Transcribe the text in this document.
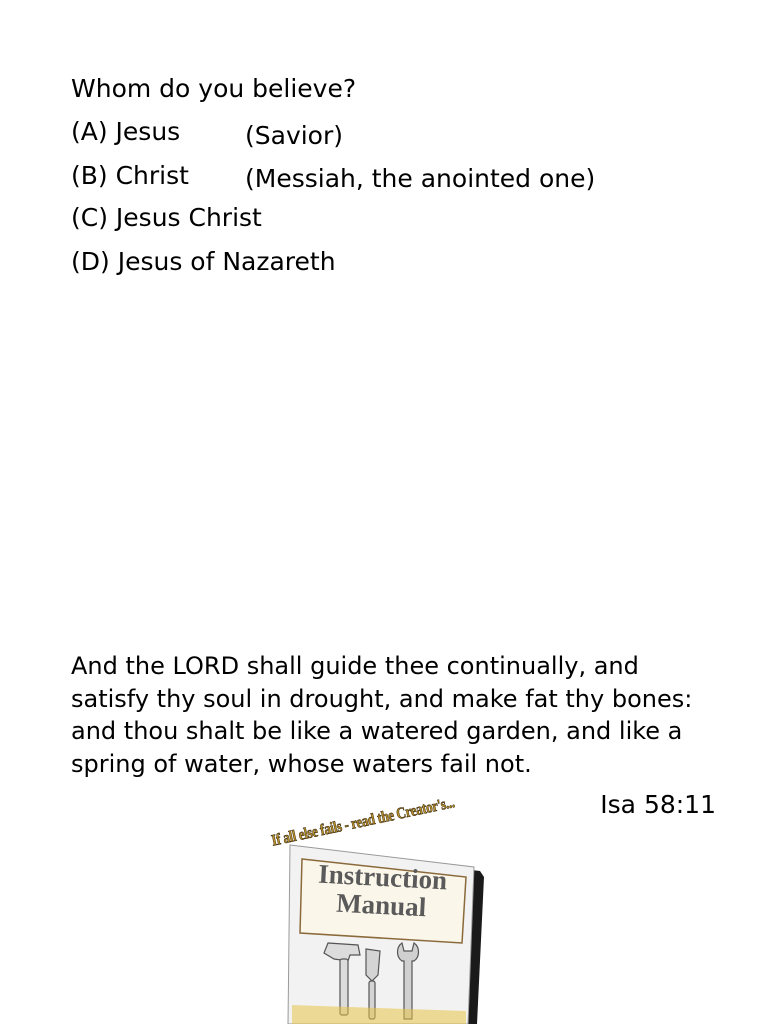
Whom do you believe?

(A) Jesus	(Savior)
(B) Christ (Messiah, the anointed one)
(C) Jesus Christ
(D) Jesus of Nazareth

And the LORD shall guide thee continually, and satisfy thy soul in drought, and make fat thy bones: and thou shalt be like a watered garden, and like a spring of water, whose waters fail not.

Isa 58:11
If all else fails - read the Creator's...
Instruction
Manual
